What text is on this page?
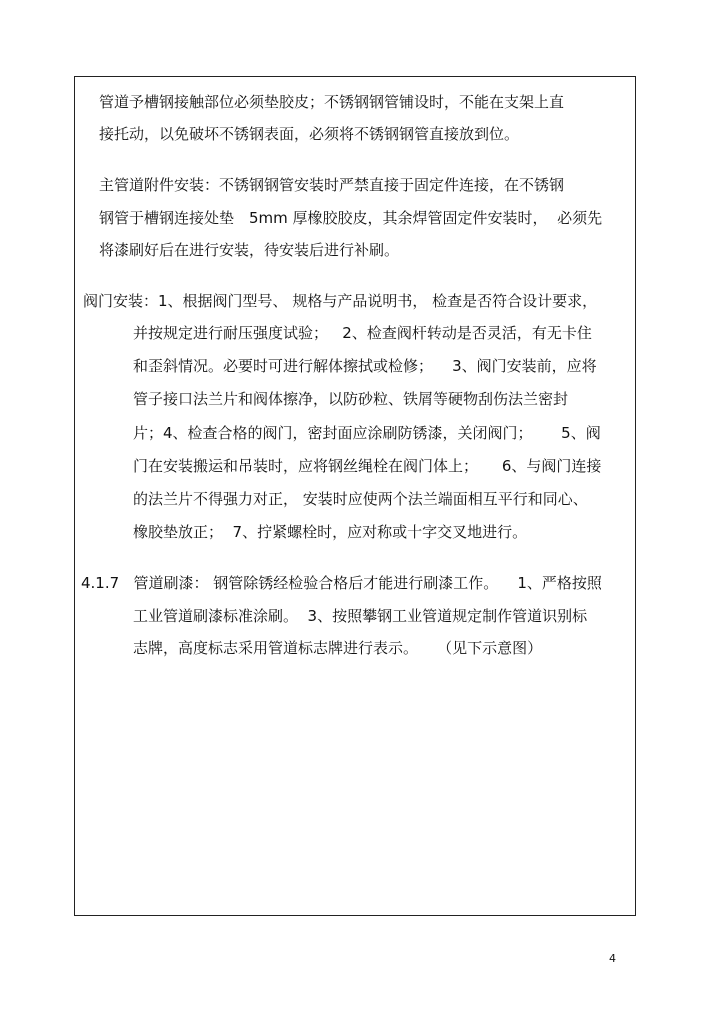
管道予槽钢接触部位必须垫胶皮；不锈钢钢管铺设时，不能在支架上直
接托动，以免破坏不锈钢表面，必须将不锈钢钢管直接放到位。
主管道附件安装：不锈钢钢管安装时严禁直接于固定件连接，在不锈钢
钢管于槽钢连接处垫　5mm 厚橡胶胶皮，其余焊管固定件安装时，  必须先
将漆刷好后在进行安装，待安装后进行补刷。
阀门安装：1、根据阀门型号、 规格与产品说明书， 检查是否符合设计要求，
并按规定进行耐压强度试验；   2、检查阀杆转动是否灵活，有无卡住
和歪斜情况。必要时可进行解体擦拭或检修；    3、阀门安装前，应将
管子接口法兰片和阀体擦净，以防砂粒、铁屑等硬物刮伤法兰密封
片；4、检查合格的阀门，密封面应涂刷防锈漆，关闭阀门；      5、阀
门在安装搬运和吊装时，应将钢丝绳栓在阀门体上；     6、与阀门连接
的法兰片不得强力对正， 安装时应使两个法兰端面相互平行和同心、
橡胶垫放正；  7、拧紧螺栓时，应对称或十字交叉地进行。
4.1.7   管道刷漆： 钢管除锈经检验合格后才能进行刷漆工作。    1、严格按照
工业管道刷漆标准涂刷。  3、按照攀钢工业管道规定制作管道识别标
志牌，高度标志采用管道标志牌进行表示。    （见下示意图）
4
